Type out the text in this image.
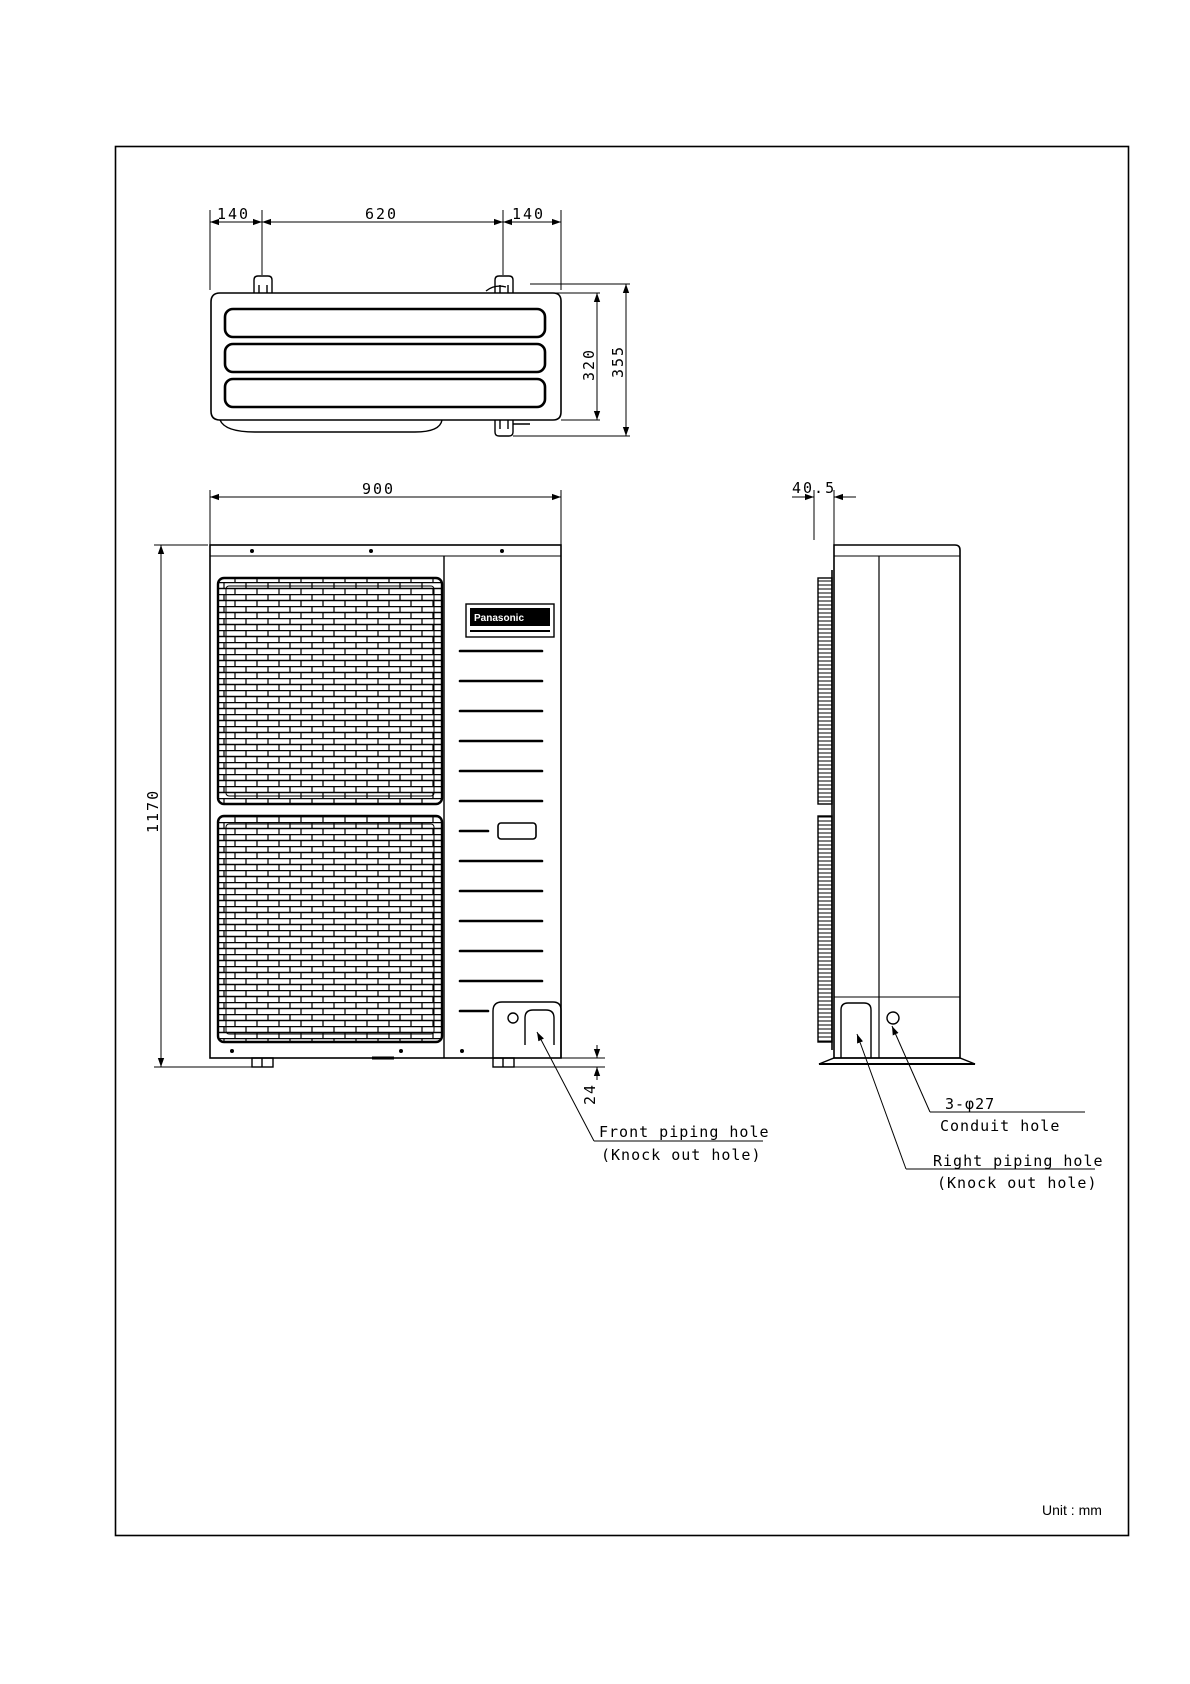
140	620	140
320 355
900
1170
Panasonic
24
Front piping hole
(Knock out hole)
40.5
3-φ27
Conduit hole
Right piping hole
(Knock out hole)
Unit : mm
